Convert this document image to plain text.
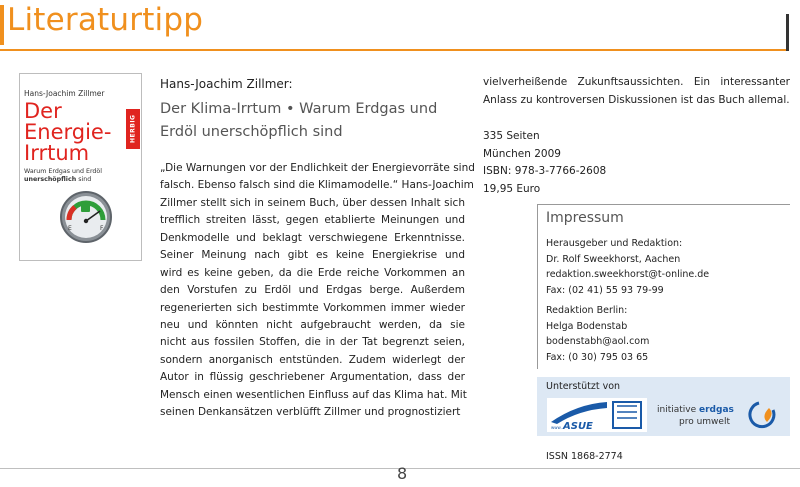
Literaturtipp
Hans-Joachim Zillmer
Der
Energie-
Irrtum
HERBIG
Warum Erdgas und Erdöl
unerschöpflich sind
E	F
Hans-Joachim Zillmer:
Der Klima-Irrtum • Warum Erdgas und
Erdöl unerschöpflich sind
„Die Warnungen vor der Endlichkeit der Energievorräte sind
falsch. Ebenso falsch sind die Klimamodelle.“ Hans-Joachim
Zillmer stellt sich in seinem Buch, über dessen Inhalt sich
trefflich streiten lässt, gegen etablierte Meinungen und
Denkmodelle und beklagt verschwiegene Erkenntnisse.
Seiner Meinung nach gibt es keine Energiekrise und
wird es keine geben, da die Erde reiche Vorkommen an
den Vorstufen zu Erdöl und Erdgas berge. Außerdem
regenerierten sich bestimmte Vorkommen immer wieder
neu und könnten nicht aufgebraucht werden, da sie
nicht aus fossilen Stoffen, die in der Tat begrenzt seien,
sondern anorganisch entstünden. Zudem widerlegt der
Autor in flüssig geschriebener Argumentation, dass der
Mensch einen wesentlichen Einfluss auf das Klima hat. Mit
seinen Denkansätzen verblüfft Zillmer und prognostiziert
vielverheißende Zukunftsaussichten. Ein interessanter
Anlass zu kontroversen Diskussionen ist das Buch allemal.
335 Seiten
München 2009
ISBN: 978-3-7766-2608
19,95 Euro
Impressum
Herausgeber und Redaktion:
Dr. Rolf Sweekhorst, Aachen
redaktion.sweekhorst@t-online.de
Fax: (02 41) 55 93 79-99
Redaktion Berlin:
Helga Bodenstab
bodenstabh@aol.com
Fax: (0 30) 795 03 65
Unterstützt von
www. ASUE
initiative erdgas
pro umwelt
ISSN 1868-2774
8
